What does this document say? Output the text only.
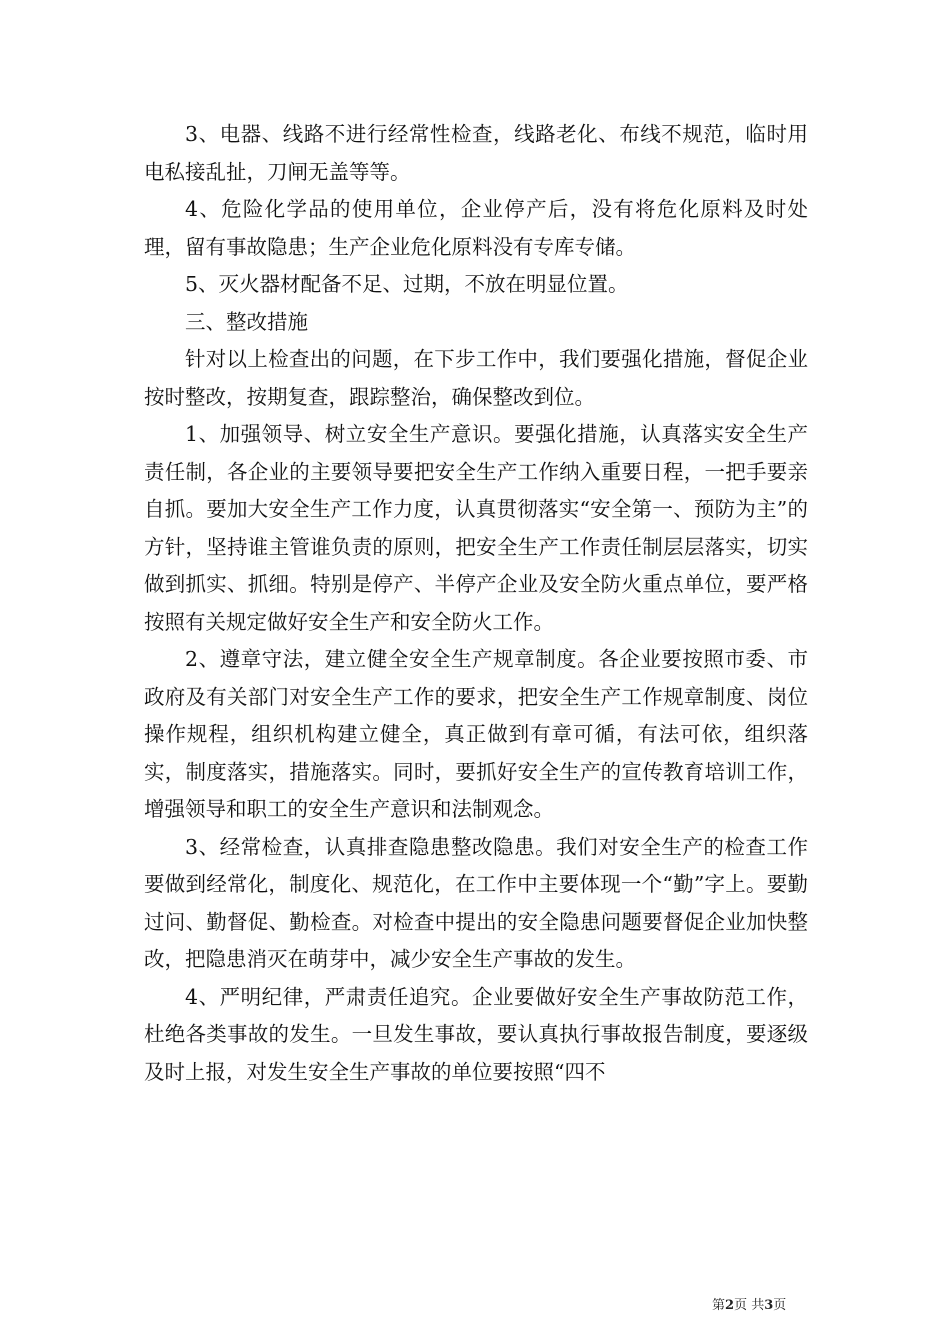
3、电器、线路不进行经常性检查，线路老化、布线不规范，临时用电私接乱扯，刀闸无盖等等。

4、危险化学品的使用单位，企业停产后，没有将危化原料及时处理，留有事故隐患；生产企业危化原料没有专库专储。

5、灭火器材配备不足、过期，不放在明显位置。

三、整改措施

针对以上检查出的问题，在下步工作中，我们要强化措施，督促企业按时整改，按期复查，跟踪整治，确保整改到位。

1、加强领导、树立安全生产意识。要强化措施，认真落实安全生产责任制，各企业的主要领导要把安全生产工作纳入重要日程，一把手要亲自抓。要加大安全生产工作力度，认真贯彻落实“安全第一、预防为主”的方针，坚持谁主管谁负责的原则，把安全生产工作责任制层层落实，切实做到抓实、抓细。特别是停产、半停产企业及安全防火重点单位，要严格按照有关规定做好安全生产和安全防火工作。

2、遵章守法，建立健全安全生产规章制度。各企业要按照市委、市政府及有关部门对安全生产工作的要求，把安全生产工作规章制度、岗位操作规程，组织机构建立健全，真正做到有章可循，有法可依，组织落实，制度落实，措施落实。同时，要抓好安全生产的宣传教育培训工作，增强领导和职工的安全生产意识和法制观念。

3、经常检查，认真排查隐患整改隐患。我们对安全生产的检查工作要做到经常化，制度化、规范化，在工作中主要体现一个“勤”字上。要勤过问、勤督促、勤检查。对检查中提出的安全隐患问题要督促企业加快整改，把隐患消灭在萌芽中，减少安全生产事故的发生。

4、严明纪律，严肃责任追究。企业要做好安全生产事故防范工作，杜绝各类事故的发生。一旦发生事故，要认真执行事故报告制度，要逐级及时上报，对发生安全生产事故的单位要按照“四不

第2页 共3页
